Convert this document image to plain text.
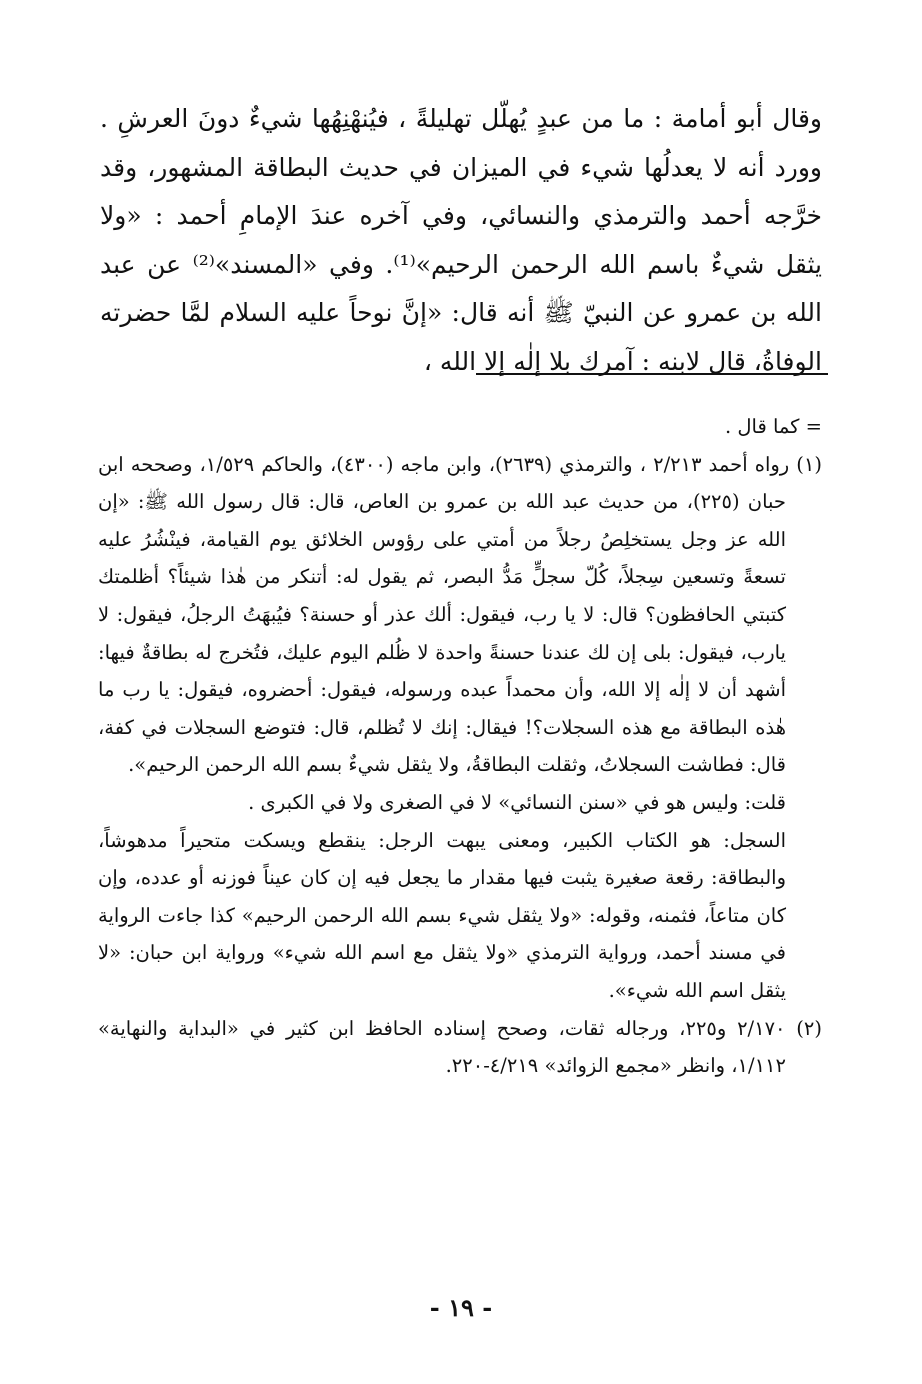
وقال أبو أمامة : ما من عبدٍ يُهلّل تهليلةً ، فيُنهْنِهُها شيءٌ دونَ العرشِ . وورد أنه لا يعدلُها شيء في الميزان في حديث البطاقة المشهور، وقد خرَّجه أحمد والترمذي والنسائي، وفي آخره عندَ الإمامِ أحمد : «ولا يثقل شيءٌ باسم الله الرحمن الرحيم»⁽¹⁾. وفي «المسند»⁽²⁾ عن عبد الله بن عمرو عن النبيّ ﷺ أنه قال: «إنَّ نوحاً عليه السلام لمَّا حضرته الوفاةُ، قال لابنه : آمرك بلا إلٰه إلا الله ،

= كما قال .

(١) رواه أحمد ٢/٢١٣ ، والترمذي (٢٦٣٩)، وابن ماجه (٤٣٠٠)، والحاكم ١/٥٢٩، وصححه ابن حبان (٢٢٥)، من حديث عبد الله بن عمرو بن العاص، قال: قال رسول الله ﷺ: «إن الله عز وجل يستخلِصُ رجلاً من أمتي على رؤوس الخلائق يوم القيامة، فينْشُرُ عليه تسعةً وتسعين سِجلاً، كُلّ سجلٍّ مَدُّ البصر، ثم يقول له: أتنكر من هٰذا شيئاً؟ أظلمتك كتبتي الحافظون؟ قال: لا يا رب، فيقول: ألك عذر أو حسنة؟ فيُبهَتُ الرجلُ، فيقول: لا يارب، فيقول: بلى إن لك عندنا حسنةً واحدة لا ظُلم اليوم عليك، فتُخرج له بطاقةٌ فيها: أشهد أن لا إلٰه إلا الله، وأن محمداً عبده ورسوله، فيقول: أحضروه، فيقول: يا رب ما هٰذه البطاقة مع هذه السجلات؟! فيقال: إنك لا تُظلم، قال: فتوضع السجلات في كفة، قال: فطاشت السجلاتُ، وثقلت البطاقةُ، ولا يثقل شيءٌ بسم الله الرحمن الرحيم».

قلت: وليس هو في «سنن النسائي» لا في الصغرى ولا في الكبرى .

السجل: هو الكتاب الكبير، ومعنى يبهت الرجل: ينقطع ويسكت متحيراً مدهوشاً، والبطاقة: رقعة صغيرة يثبت فيها مقدار ما يجعل فيه إن كان عيناً فوزنه أو عدده، وإن كان متاعاً، فثمنه، وقوله: «ولا يثقل شيء بسم الله الرحمن الرحيم» كذا جاءت الرواية في مسند أحمد، ورواية الترمذي «ولا يثقل مع اسم الله شيء» ورواية ابن حبان: «لا يثقل اسم الله شيء».

(٢) ٢/١٧٠ و٢٢٥، ورجاله ثقات، وصحح إسناده الحافظ ابن كثير في «البداية والنهاية» ١/١١٢، وانظر «مجمع الزوائد» ٤/٢١٩-٢٢٠.

- ١٩ -
